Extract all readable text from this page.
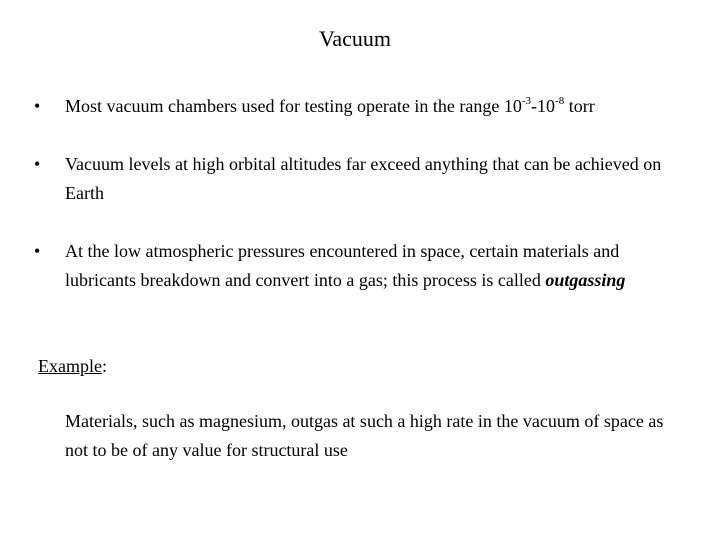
Vacuum
• Most vacuum chambers used for testing operate in the range $10^{-3}-10^{-8}$ torr
• Vacuum levels at high orbital altitudes far exceed anything that can be achieved on Earth
• At the low atmospheric pressures encountered in space, certain materials and lubricants breakdown and convert into a gas; this process is called outgassing
Example:
Materials, such as magnesium, outgas at such a high rate in the vacuum of space as not to be of any value for structural use
